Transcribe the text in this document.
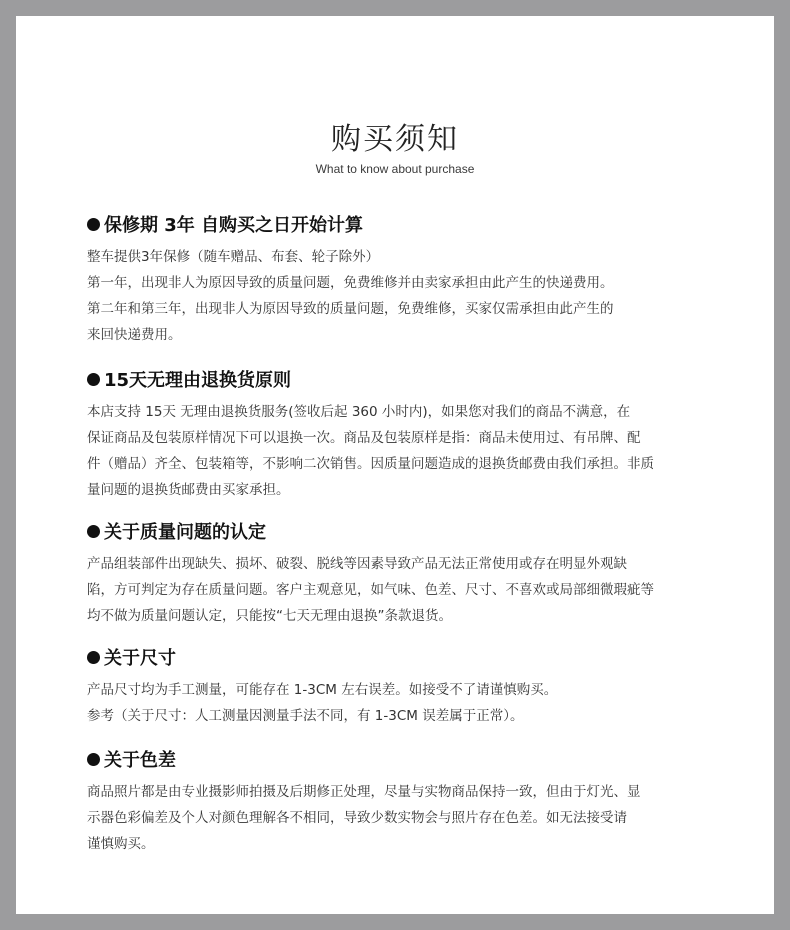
购买须知
What to know about purchase
保修期 3年 自购买之日开始计算

整车提供3年保修（随车赠品、布套、轮子除外）

第一年，出现非人为原因导致的质量问题，免费维修并由卖家承担由此产生的快递费用。

第二年和第三年，出现非人为原因导致的质量问题，免费维修，买家仅需承担由此产生的

来回快递费用。

15天无理由退换货原则

本店支持 15天 无理由退换货服务(签收后起 360 小时内)，如果您对我们的商品不满意，在

保证商品及包装原样情况下可以退换一次。商品及包装原样是指：商品未使用过、有吊牌、配

件（赠品）齐全、包装箱等，不影响二次销售。因质量问题造成的退换货邮费由我们承担。非质

量问题的退换货邮费由买家承担。

关于质量问题的认定

产品组装部件出现缺失、损坏、破裂、脱线等因素导致产品无法正常使用或存在明显外观缺

陷，方可判定为存在质量问题。客户主观意见，如气味、色差、尺寸、不喜欢或局部细微瑕疵等

均不做为质量问题认定，只能按“七天无理由退换”条款退货。

关于尺寸

产品尺寸均为手工测量，可能存在 1-3CM 左右误差。如接受不了请谨慎购买。

参考（关于尺寸：人工测量因测量手法不同，有 1-3CM 误差属于正常）。

关于色差

商品照片都是由专业摄影师拍摄及后期修正处理，尽量与实物商品保持一致，但由于灯光、显

示器色彩偏差及个人对颜色理解各不相同，导致少数实物会与照片存在色差。如无法接受请

谨慎购买。
